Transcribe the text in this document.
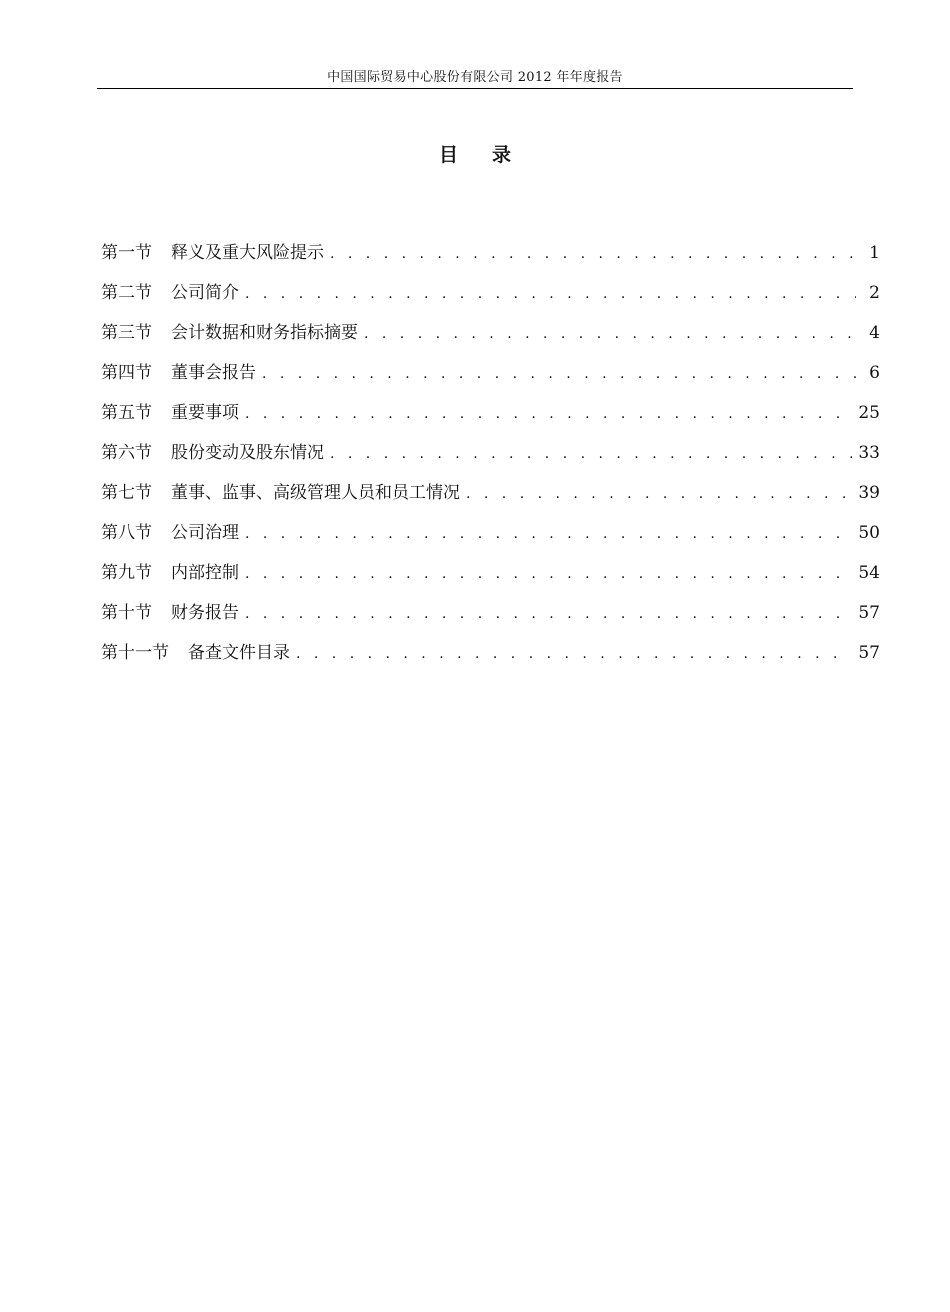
中国国际贸易中心股份有限公司 2012 年年度报告
目录
第一节 释义及重大风险提示 . . .	1
第二节 公司简介 . . .	2
第三节 会计数据和财务指标摘要 . . .	4
第四节 董事会报告 . . .	6
第五节 重要事项 . . .	25
第六节 股份变动及股东情况 . . .	33
第七节 董事、监事、高级管理人员和员工情况 . . .	39
第八节 公司治理 . . .	50
第九节 内部控制 . . .	54
第十节 财务报告 . . .	57
第十一节 备查文件目录 . . .	57
